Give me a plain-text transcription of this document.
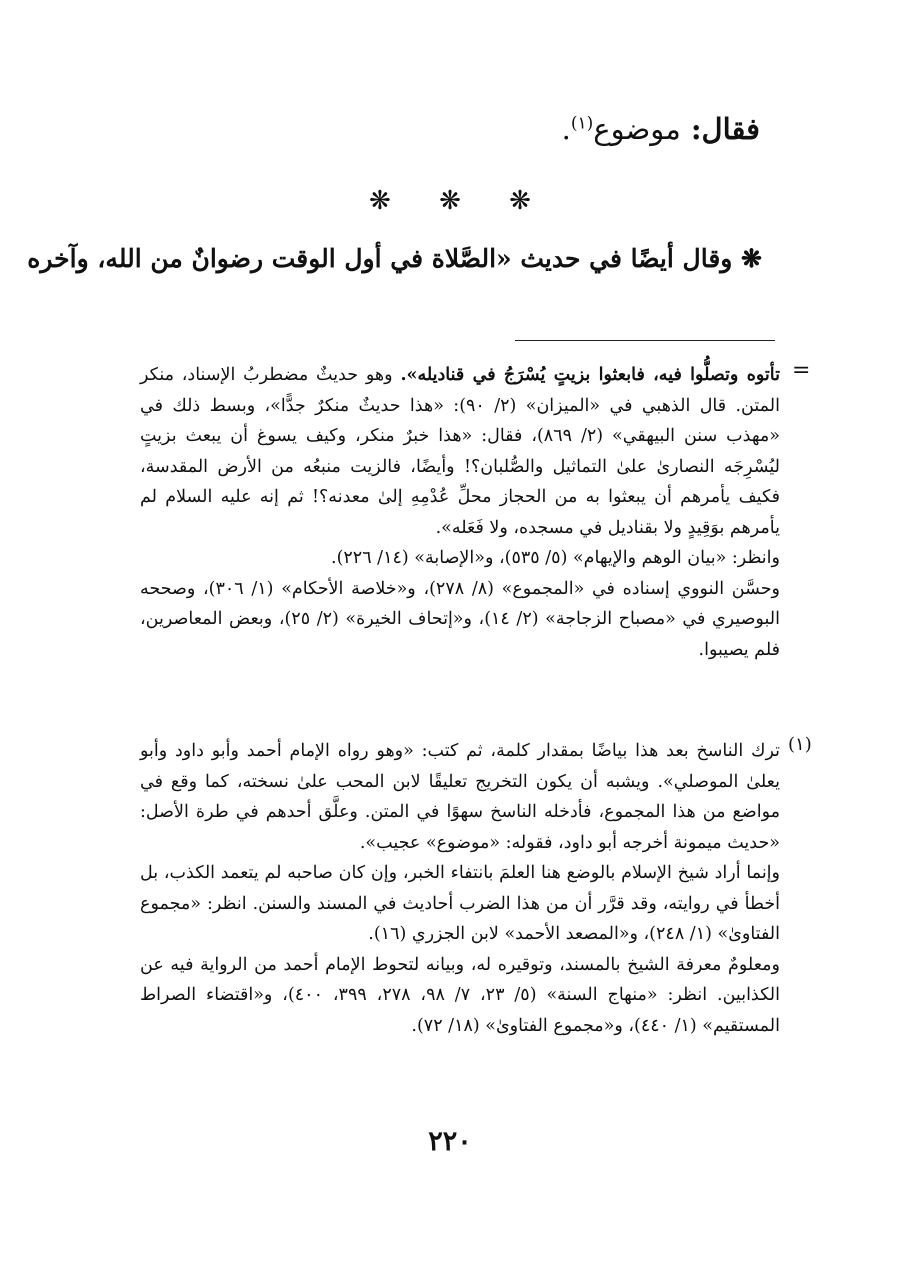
فقال: موضوع$^{(١)}$.
❋ ❋ ❋
❋ وقال أيضًا في حديث «الصَّلاة في أول الوقت رضوانٌ من الله، وآخره
=

تأتوه وتصلُّوا فيه، فابعثوا بزيتٍ يُسْرَجُ في قناديله». وهو حديثٌ مضطربُ الإسناد، منكر المتن. قال الذهبي في «الميزان» (٢/ ٩٠): «هذا حديثٌ منكرٌ جدًّا»، وبسط ذلك في «مهذب سنن البيهقي» (٢/ ٨٦٩)، فقال: «هذا خبرٌ منكر، وكيف يسوغ أن يبعث بزيتٍ ليُسْرِجَه النصارىٰ علىٰ التماثيل والصُّلبان؟! وأيضًا، فالزيت منبعُه من الأرض المقدسة، فكيف يأمرهم أن يبعثوا به من الحجاز محلِّ عُدْمِهِ إلىٰ معدنه؟! ثم إنه عليه السلام لم يأمرهم بوَقِيدٍ ولا بقناديل في مسجده، ولا فَعَله».

وانظر: «بيان الوهم والإيهام» (٥/ ٥٣٥)، و«الإصابة» (١٤/ ٢٢٦).

وحسَّن النووي إسناده في «المجموع» (٨/ ٢٧٨)، و«خلاصة الأحكام» (١/ ٣٠٦)، وصححه البوصيري في «مصباح الزجاجة» (٢/ ١٤)، و«إتحاف الخيرة» (٢/ ٢٥)، وبعض المعاصرين، فلم يصيبوا.

(١)

ترك الناسخ بعد هذا بياضًا بمقدار كلمة، ثم كتب: «وهو رواه الإمام أحمد وأبو داود وأبو يعلىٰ الموصلي». ويشبه أن يكون التخريج تعليقًا لابن المحب علىٰ نسخته، كما وقع في مواضع من هذا المجموع، فأدخله الناسخ سهوًا في المتن. وعلَّق أحدهم في طرة الأصل: «حديث ميمونة أخرجه أبو داود، فقوله: «موضوع» عجيب».

وإنما أراد شيخ الإسلام بالوضع هنا العلمَ بانتفاء الخبر، وإن كان صاحبه لم يتعمد الكذب، بل أخطأ في روايته، وقد قرَّر أن من هذا الضرب أحاديث في المسند والسنن. انظر: «مجموع الفتاوىٰ» (١/ ٢٤٨)، و«المصعد الأحمد» لابن الجزري (١٦).

ومعلومٌ معرفة الشيخ بالمسند، وتوقيره له، وبيانه لتحوط الإمام أحمد من الرواية فيه عن الكذابين. انظر: «منهاج السنة» (٥/ ٢٣، ٧/ ٩٨، ٢٧٨، ٣٩٩، ٤٠٠)، و«اقتضاء الصراط المستقيم» (١/ ٤٤٠)، و«مجموع الفتاوىٰ» (١٨/ ٧٢).

٢٢٠
